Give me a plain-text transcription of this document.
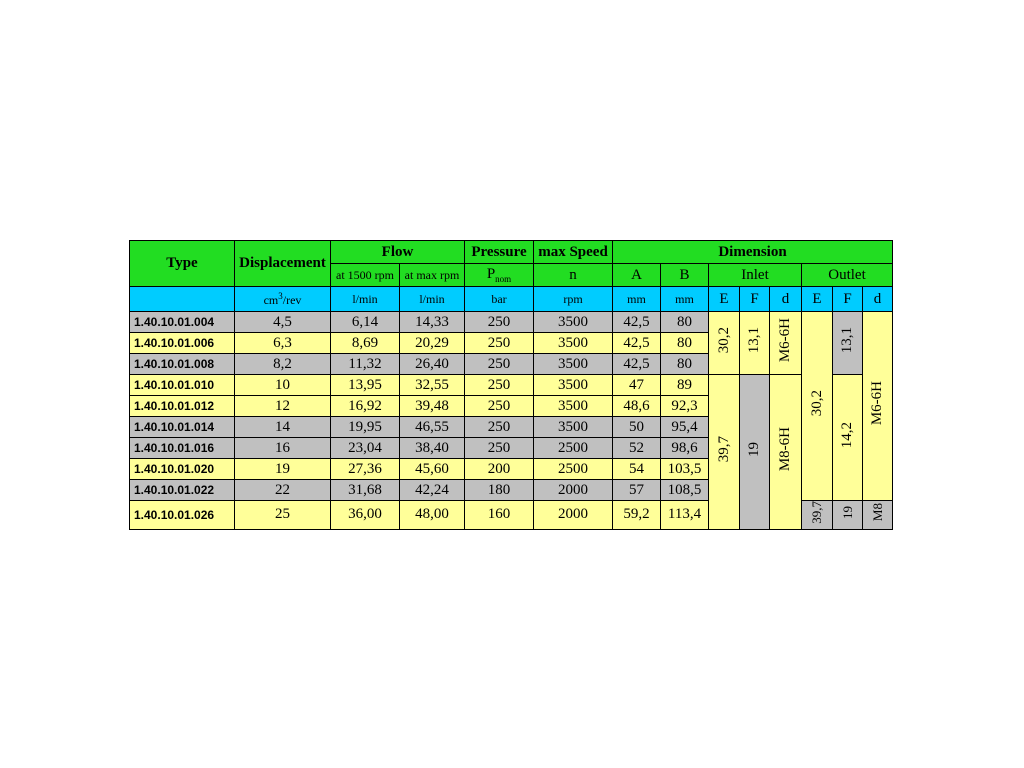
Type	Displacement	Flow		Pressure	max Speed	Dimension							
		at 1500 rpm	at max rpm	$P_{nom}$	n	A	B	Inlet			Outlet		
	$cm^3$/rev	l/min	l/min	bar	rpm	mm	mm	E	F	d	E	F	d
1.40.10.01.004	4,5	6,14	14,33	250	3500	42,5	80	30,2	13,1	M6-6H	30,2	13,1	M6-6H
1.40.10.01.006	6,3	8,69	20,29	250	3500	42,5	80						
1.40.10.01.008	8,2	11,32	26,40	250	3500	42,5	80						
1.40.10.01.010	10	13,95	32,55	250	3500	47	89	39,7	19	M8-6H		14,2	
1.40.10.01.012	12	16,92	39,48	250	3500	48,6	92,3						
1.40.10.01.014	14	19,95	46,55	250	3500	50	95,4						
1.40.10.01.016	16	23,04	38,40	250	2500	52	98,6						
1.40.10.01.020	19	27,36	45,60	200	2500	54	103,5						
1.40.10.01.022	22	31,68	42,24	180	2000	57	108,5						
1.40.10.01.026	25	36,00	48,00	160	2000	59,2	113,4				39,7	19	M8
